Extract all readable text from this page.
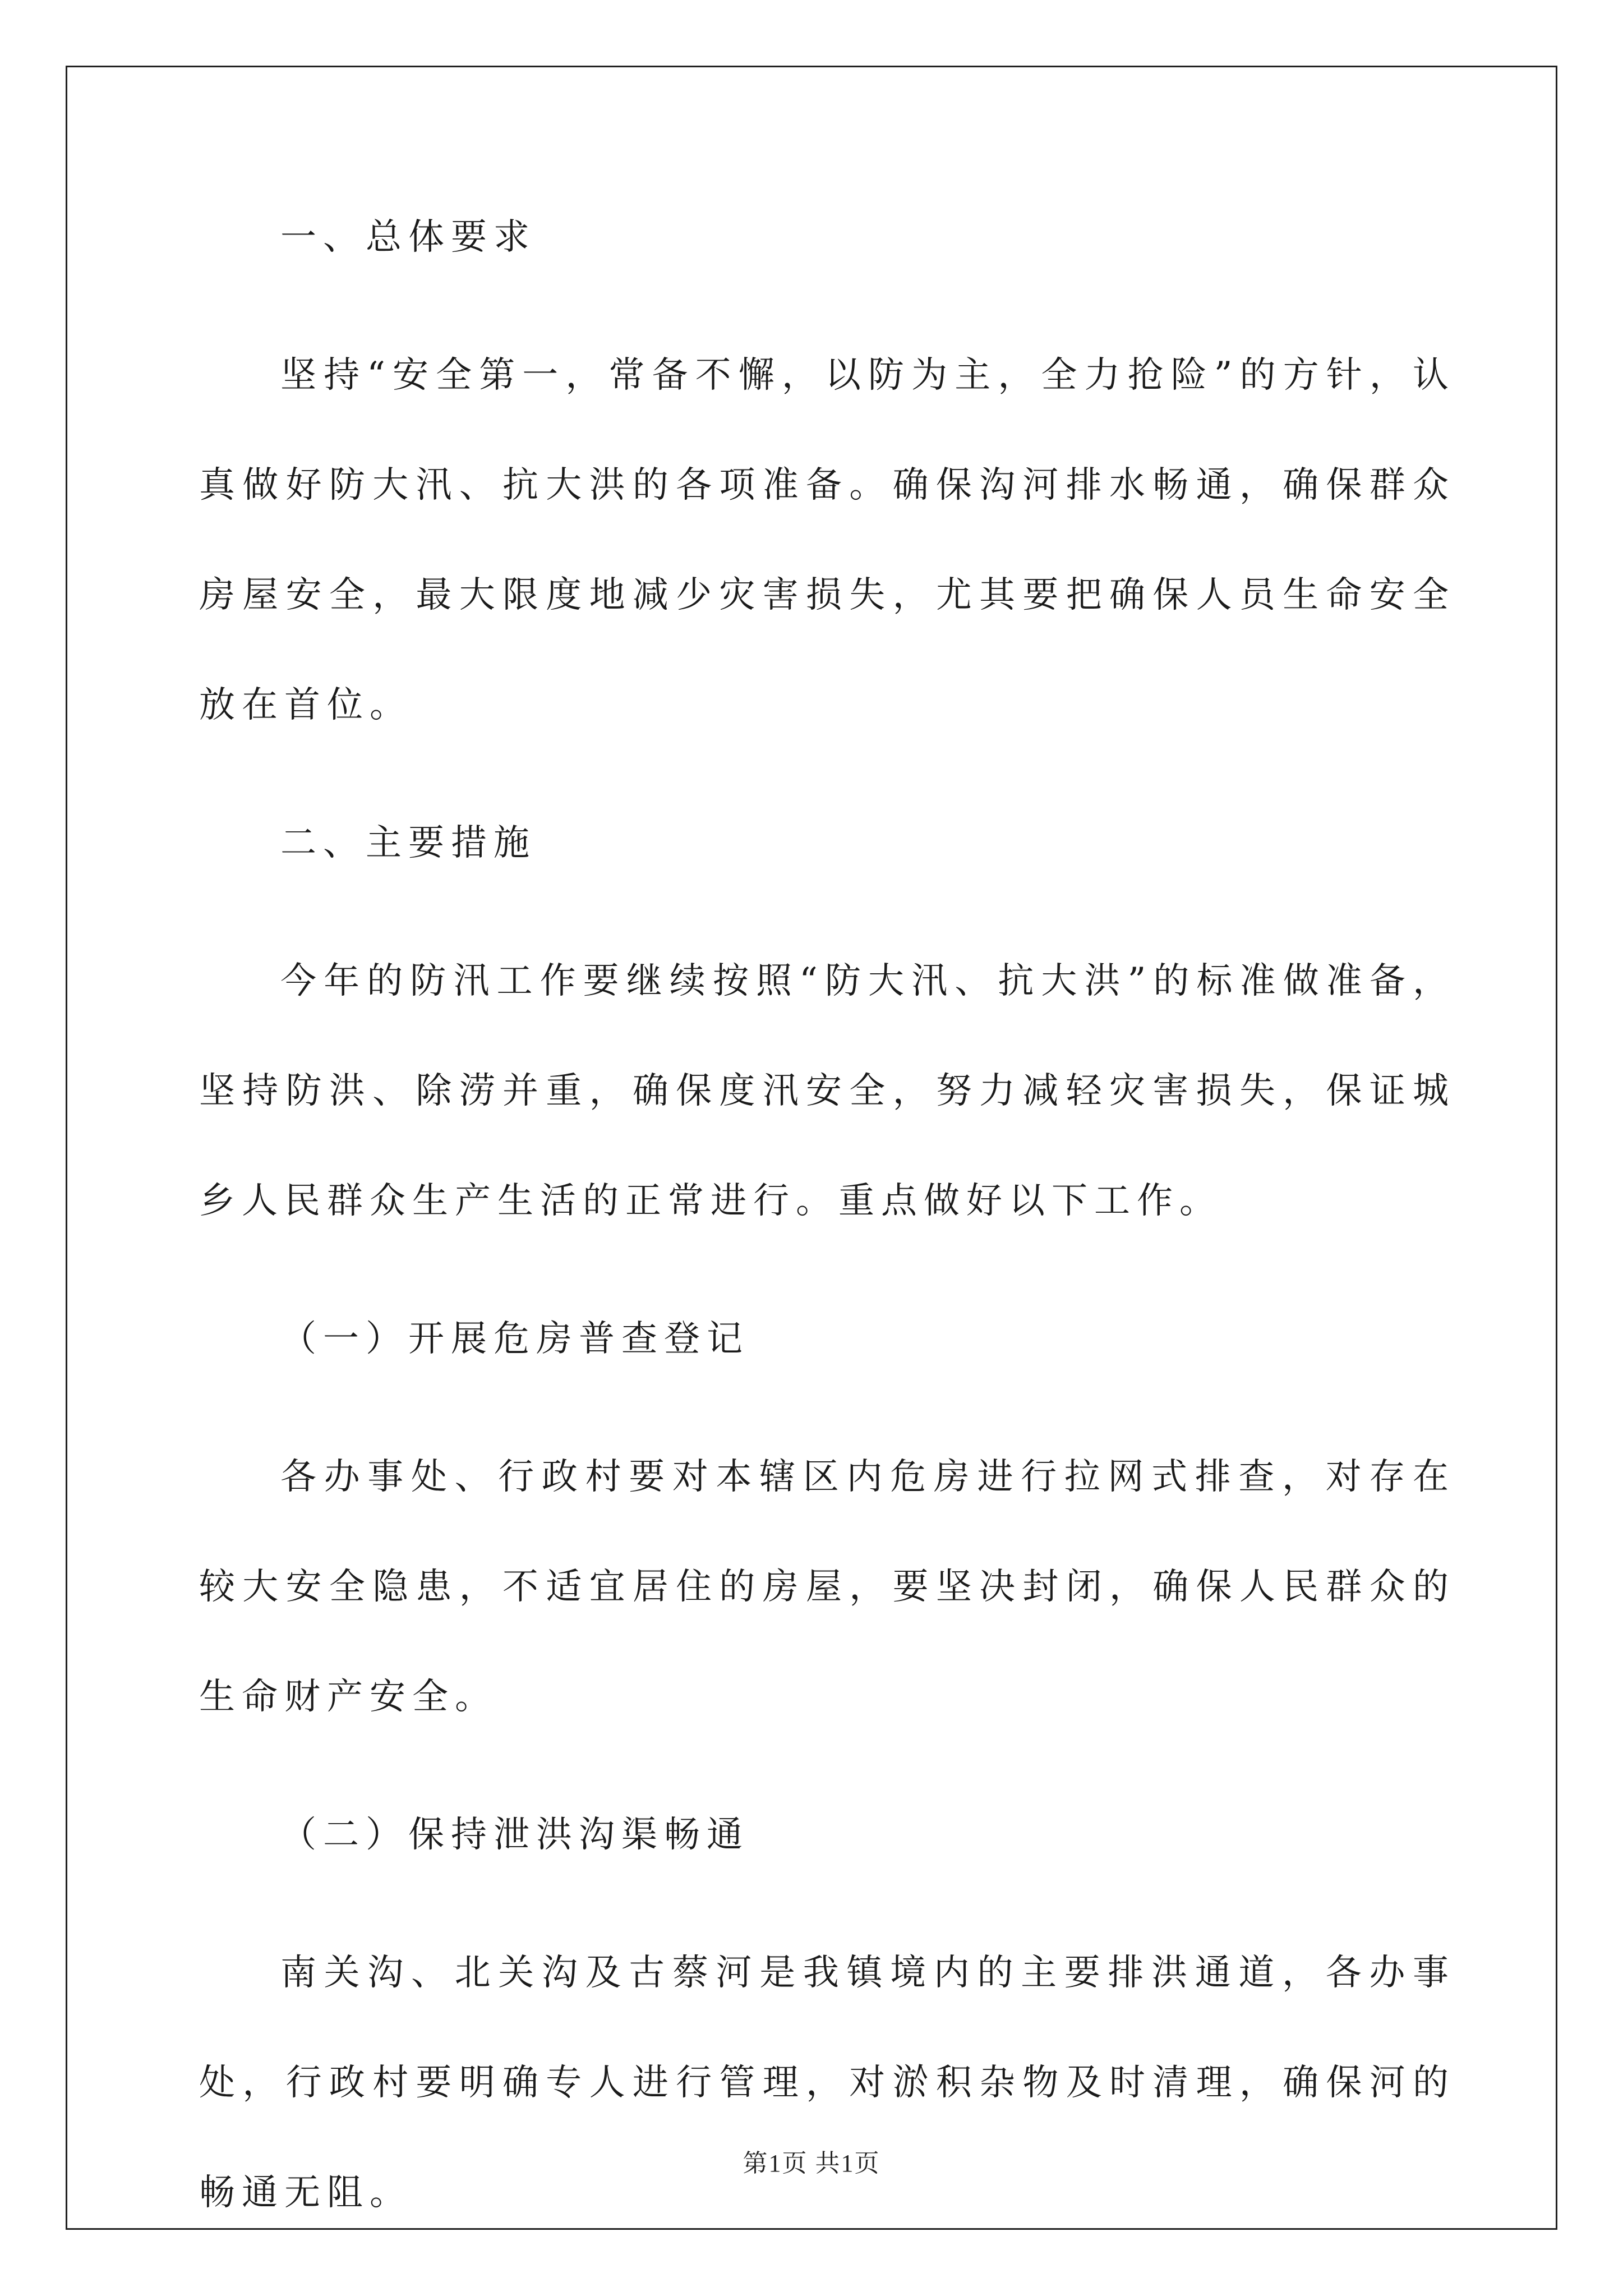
一、总体要求

坚持“安全第一，常备不懈，以防为主，全力抢险”的方针，认真做好防大汛、抗大洪的各项准备。确保沟河排水畅通，确保群众房屋安全，最大限度地减少灾害损失，尤其要把确保人员生命安全放在首位。

二、主要措施

今年的防汛工作要继续按照“防大汛、抗大洪”的标准做准备，坚持防洪、除涝并重，确保度汛安全，努力减轻灾害损失，保证城乡人民群众生产生活的正常进行。重点做好以下工作。

（一）开展危房普查登记

各办事处、行政村要对本辖区内危房进行拉网式排查，对存在较大安全隐患，不适宜居住的房屋，要坚决封闭，确保人民群众的生命财产安全。

（二）保持泄洪沟渠畅通

南关沟、北关沟及古蔡河是我镇境内的主要排洪通道，各办事处，行政村要明确专人进行管理，对淤积杂物及时清理，确保河的畅通无阻。

第1页 共1页
